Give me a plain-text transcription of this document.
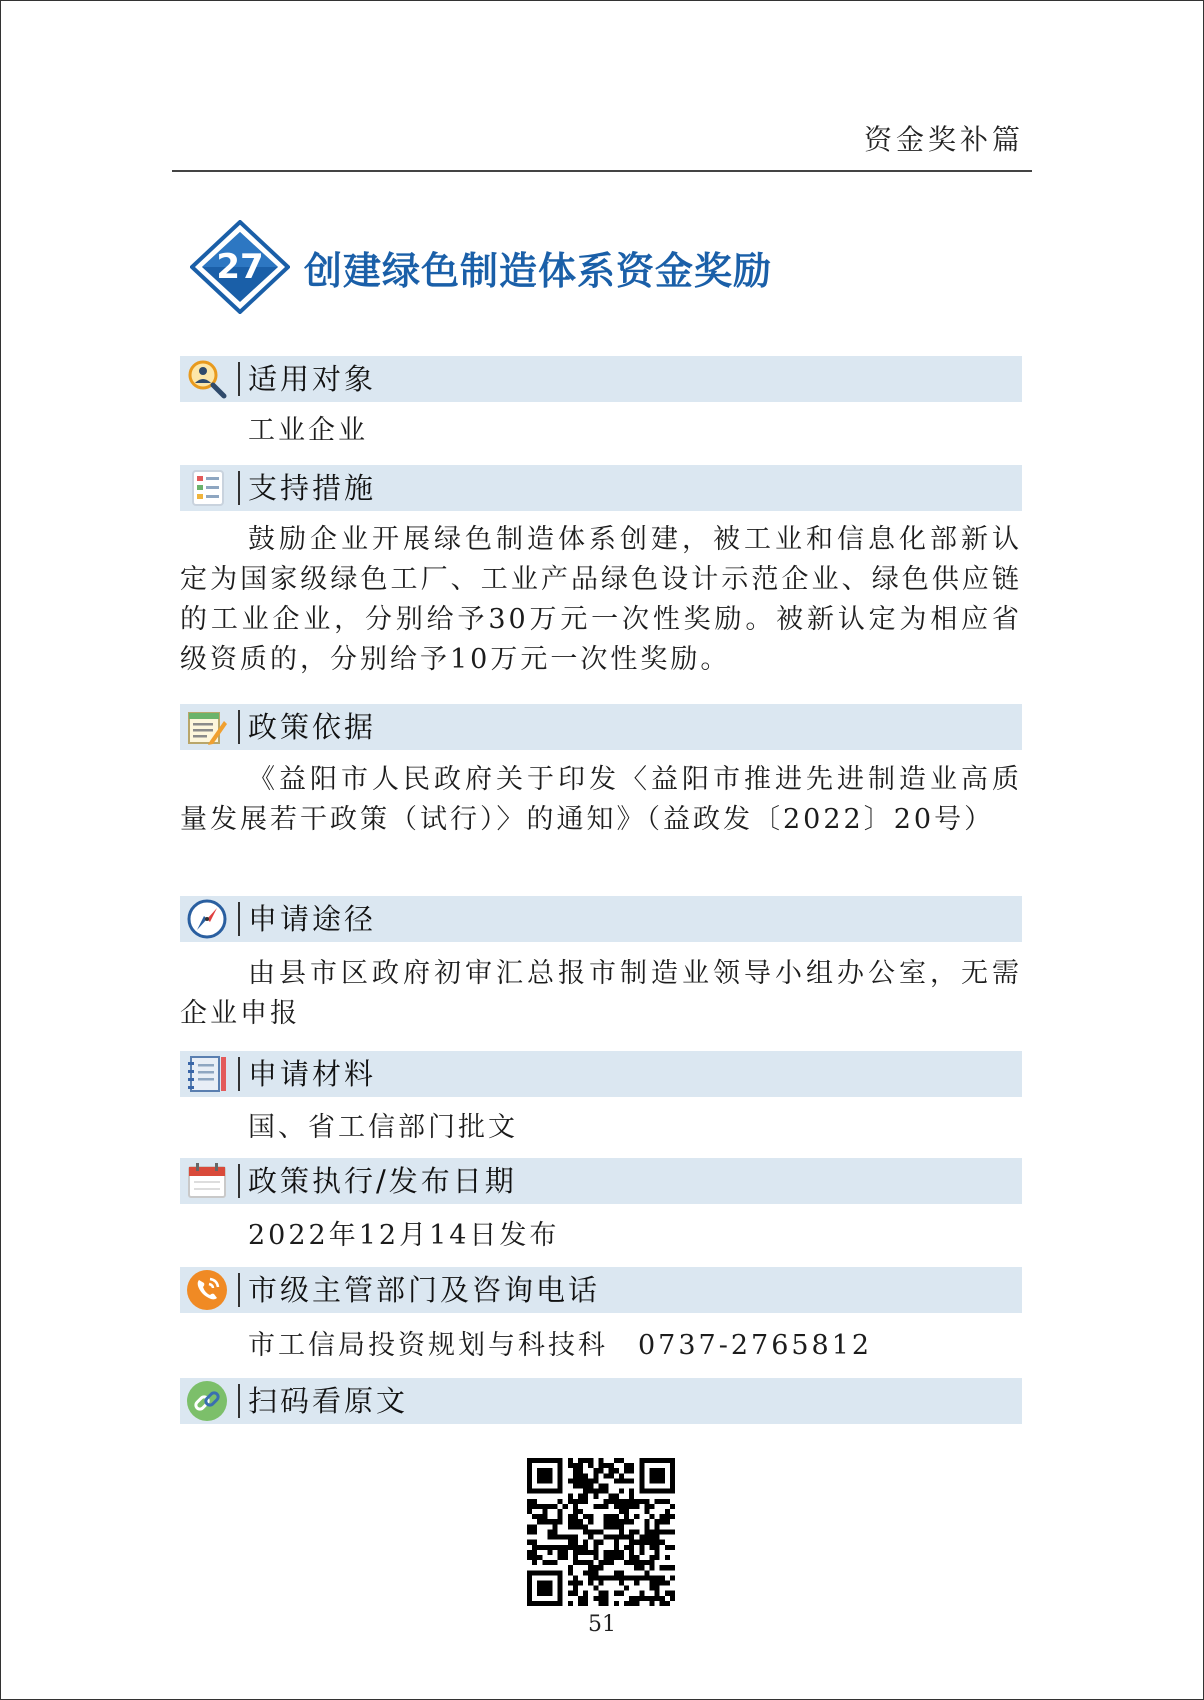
资金奖补篇
27	创建绿色制造体系资金奖励
适用对象
工业企业
支持措施
鼓励企业开展绿色制造体系创建，被工业和信息化部新认定为国家级绿色工厂、工业产品绿色设计示范企业、绿色供应链的工业企业，分别给予30万元一次性奖励。被新认定为相应省级资质的，分别给予10万元一次性奖励。
政策依据
《益阳市人民政府关于印发〈益阳市推进先进制造业高质量发展若干政策（试行）〉的通知》（益政发〔2022〕20号）
申请途径
由县市区政府初审汇总报市制造业领导小组办公室，无需企业申报
申请材料
国、省工信部门批文
政策执行/发布日期
2022年12月14日发布
市级主管部门及咨询电话
市工信局投资规划与科技科　0737-2765812
扫码看原文
51
